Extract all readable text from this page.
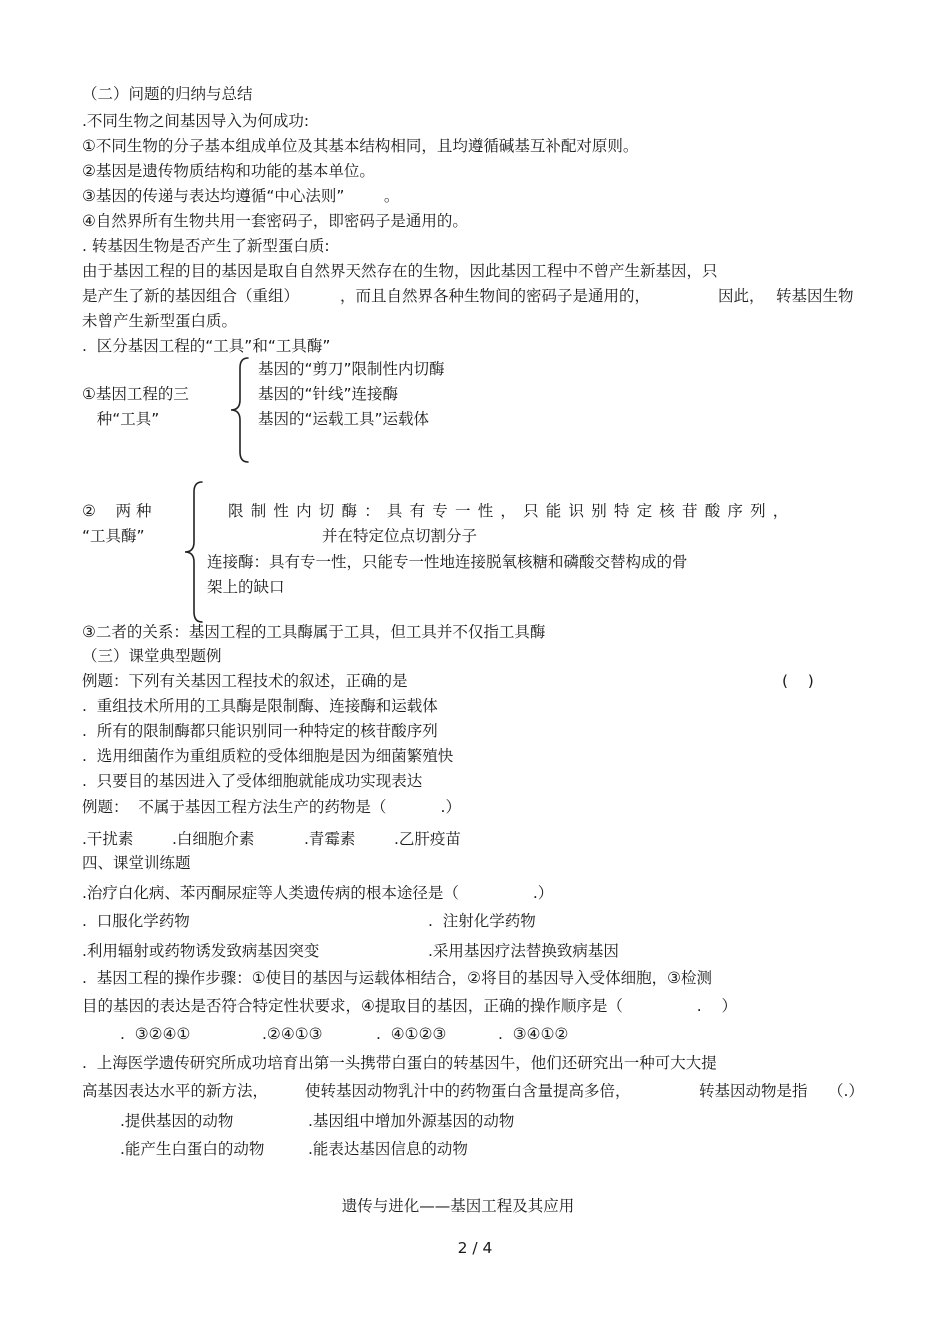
（二）问题的归纳与总结
.不同生物之间基因导入为何成功:
①不同生物的分子基本组成单位及其基本结构相同，且均遵循碱基互补配对原则。
②基因是遗传物质结构和功能的基本单位。
③基因的传递与表达均遵循“中心法则”        。
④自然界所有生物共用一套密码子，即密码子是通用的。
. 转基因生物是否产生了新型蛋白质:
由于基因工程的目的基因是取自自然界天然存在的生物，因此基因工程中不曾产生新基因，只
是产生了新的基因组合（重组）	，而且自然界各种生物间的密码子是通用的，	因此， 转基因生物
未曾产生新型蛋白质。
.  区分基因工程的“工具”和“工具酶”
①基因工程的三
种“工具”
基因的“剪刀”限制性内切酶
基因的“针线”连接酶
基因的“运载工具”运载体
②    两 种
“工具酶”
限制性内切酶：具有专一性，只能识别特定核苷酸序列，
并在特定位点切割分子
连接酶：具有专一性，只能专一性地连接脱氧核糖和磷酸交替构成的骨
架上的缺口
③二者的关系：基因工程的工具酶属于工具，但工具并不仅指工具酶
（三）课堂典型题例
例题：下列有关基因工程技术的叙述，正确的是	(    )
.  重组技术所用的工具酶是限制酶、连接酶和运载体
.  所有的限制酶都只能识别同一种特定的核苷酸序列
.  选用细菌作为重组质粒的受体细胞是因为细菌繁殖快
.  只要目的基因进入了受体细胞就能成功实现表达
例题：  不属于基因工程方法生产的药物是（           .）
.干扰素 .白细胞介素	.青霉素 .乙肝疫苗
四、课堂训练题
.治疗白化病、苯丙酮尿症等人类遗传病的根本途径是（               .）
.  口服化学药物	.  注射化学药物
.利用辐射或药物诱发致病基因突变	.采用基因疗法替换致病基因
.  基因工程的操作步骤：①使目的基因与运载体相结合，②将目的基因导入受体细胞，③检测
目的基因的表达是否符合特定性状要求，④提取目的基因，正确的操作顺序是（               .    ）
.  ③②④①	.②④①③	.  ④①②③	.  ③④①②
.  上海医学遗传研究所成功培育出第一头携带白蛋白的转基因牛，他们还研究出一种可大大提
高基因表达水平的新方法， 使转基因动物乳汁中的药物蛋白含量提高多倍，	转基因动物是指 （.）
.提供基因的动物	.基因组中增加外源基因的动物
.能产生白蛋白的动物	.能表达基因信息的动物
遗传与进化——基因工程及其应用
2 / 4
